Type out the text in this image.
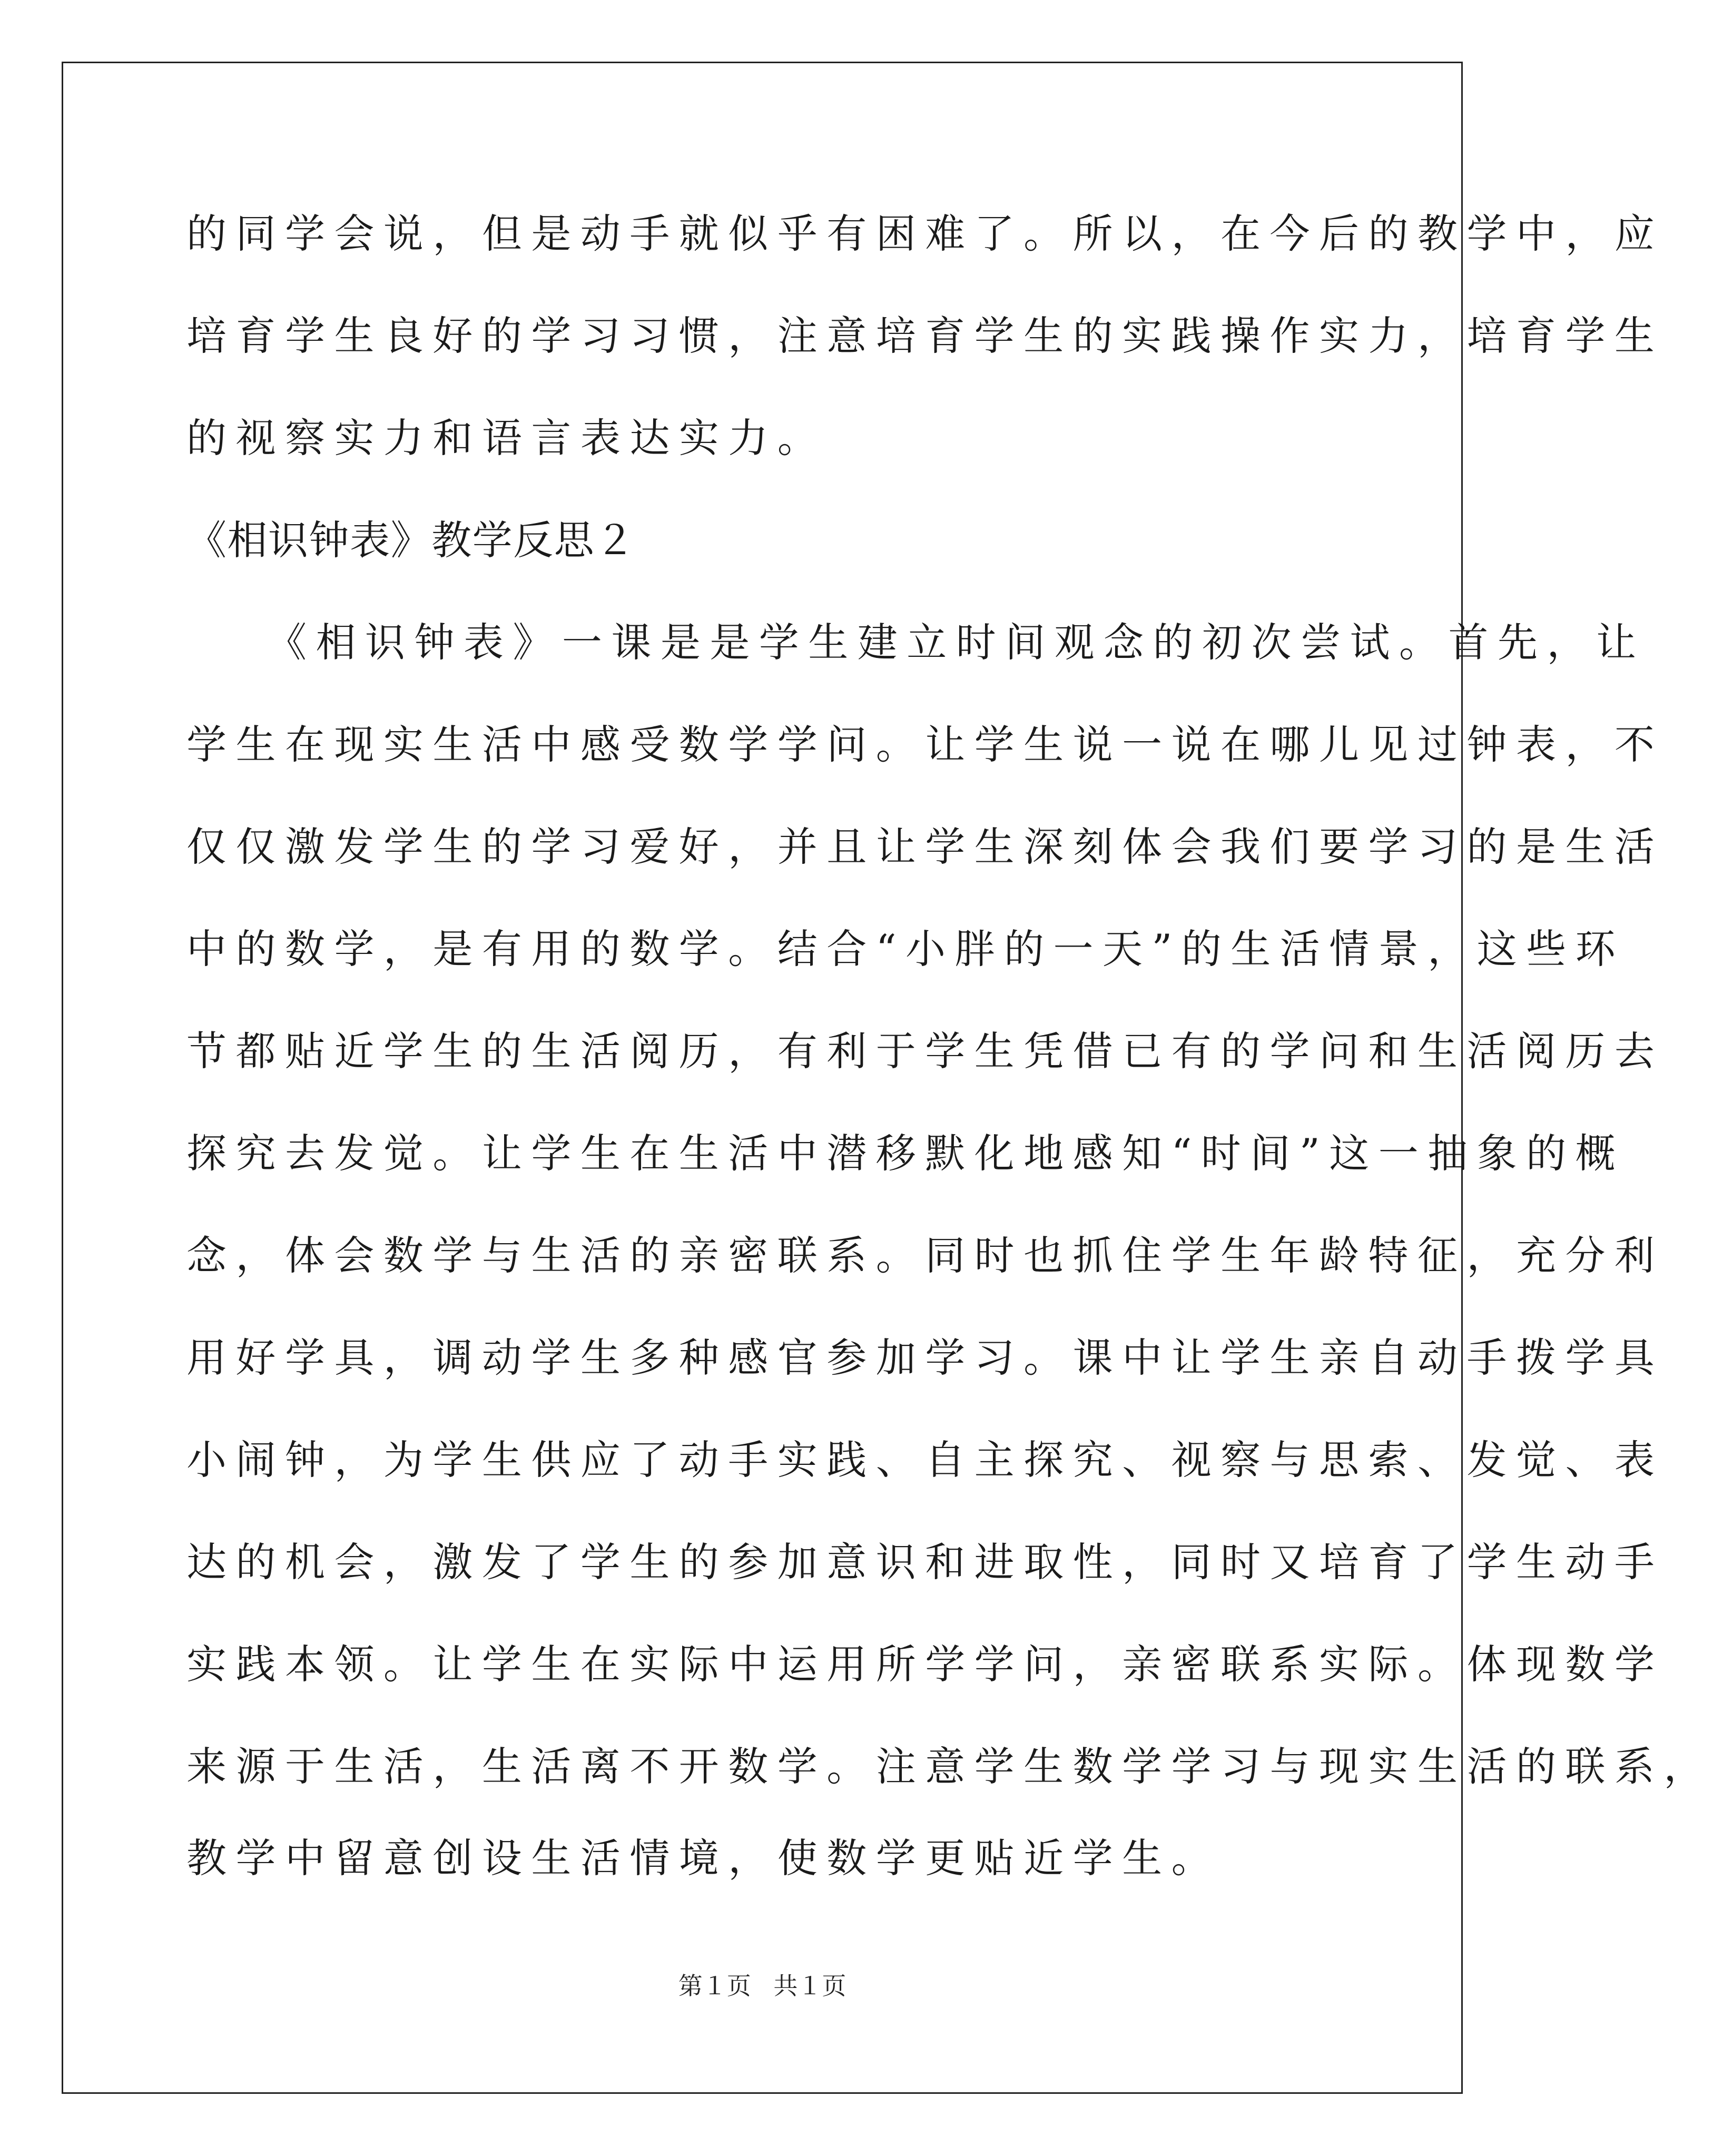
的同学会说，但是动手就似乎有困难了。所以，在今后的教学中，应
培育学生良好的学习习惯，注意培育学生的实践操作实力，培育学生
的视察实力和语言表达实力。
《相识钟表》教学反思２
《相识钟表》一课是是学生建立时间观念的初次尝试。首先，让
学生在现实生活中感受数学学问。让学生说一说在哪儿见过钟表，不
仅仅激发学生的学习爱好，并且让学生深刻体会我们要学习的是生活
中的数学，是有用的数学。结合“小胖的一天”的生活情景，这些环
节都贴近学生的生活阅历，有利于学生凭借已有的学问和生活阅历去
探究去发觉。让学生在生活中潜移默化地感知“时间”这一抽象的概
念，体会数学与生活的亲密联系。同时也抓住学生年龄特征，充分利
用好学具，调动学生多种感官参加学习。课中让学生亲自动手拨学具
小闹钟，为学生供应了动手实践、自主探究、视察与思索、发觉、表
达的机会，激发了学生的参加意识和进取性，同时又培育了学生动手
实践本领。让学生在实际中运用所学学问，亲密联系实际。体现数学
来源于生活，生活离不开数学。注意学生数学学习与现实生活的联系，
教学中留意创设生活情境，使数学更贴近学生。
第１页 共１页
